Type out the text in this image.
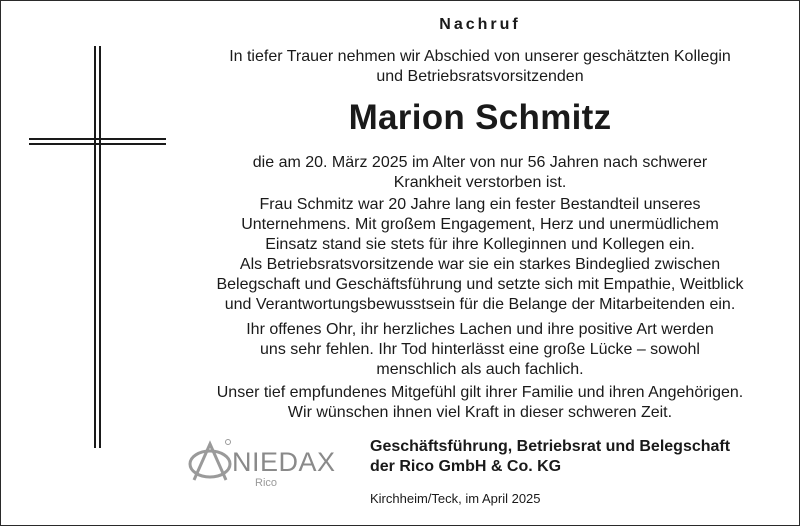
Nachruf
In tiefer Trauer nehmen wir Abschied von unserer geschätzten Kollegin
und Betriebsratsvorsitzenden
Marion Schmitz
die am 20. März 2025 im Alter von nur 56 Jahren nach schwerer
Krankheit verstorben ist.
Frau Schmitz war 20 Jahre lang ein fester Bestandteil unseres
Unternehmens. Mit großem Engagement, Herz und unermüdlichem
Einsatz stand sie stets für ihre Kolleginnen und Kollegen ein.
Als Betriebsratsvorsitzende war sie ein starkes Bindeglied zwischen
Belegschaft und Geschäftsführung und setzte sich mit Empathie, Weitblick
und Verantwortungsbewusstsein für die Belange der Mitarbeitenden ein.
Ihr offenes Ohr, ihr herzliches Lachen und ihre positive Art werden
uns sehr fehlen. Ihr Tod hinterlässt eine große Lücke – sowohl
menschlich als auch fachlich.
Unser tief empfundenes Mitgefühl gilt ihrer Familie und ihren Angehörigen.
Wir wünschen ihnen viel Kraft in dieser schweren Zeit.
NIEDAX
Rico
Geschäftsführung, Betriebsrat und Belegschaft
der Rico GmbH & Co. KG
Kirchheim/Teck, im April 2025
